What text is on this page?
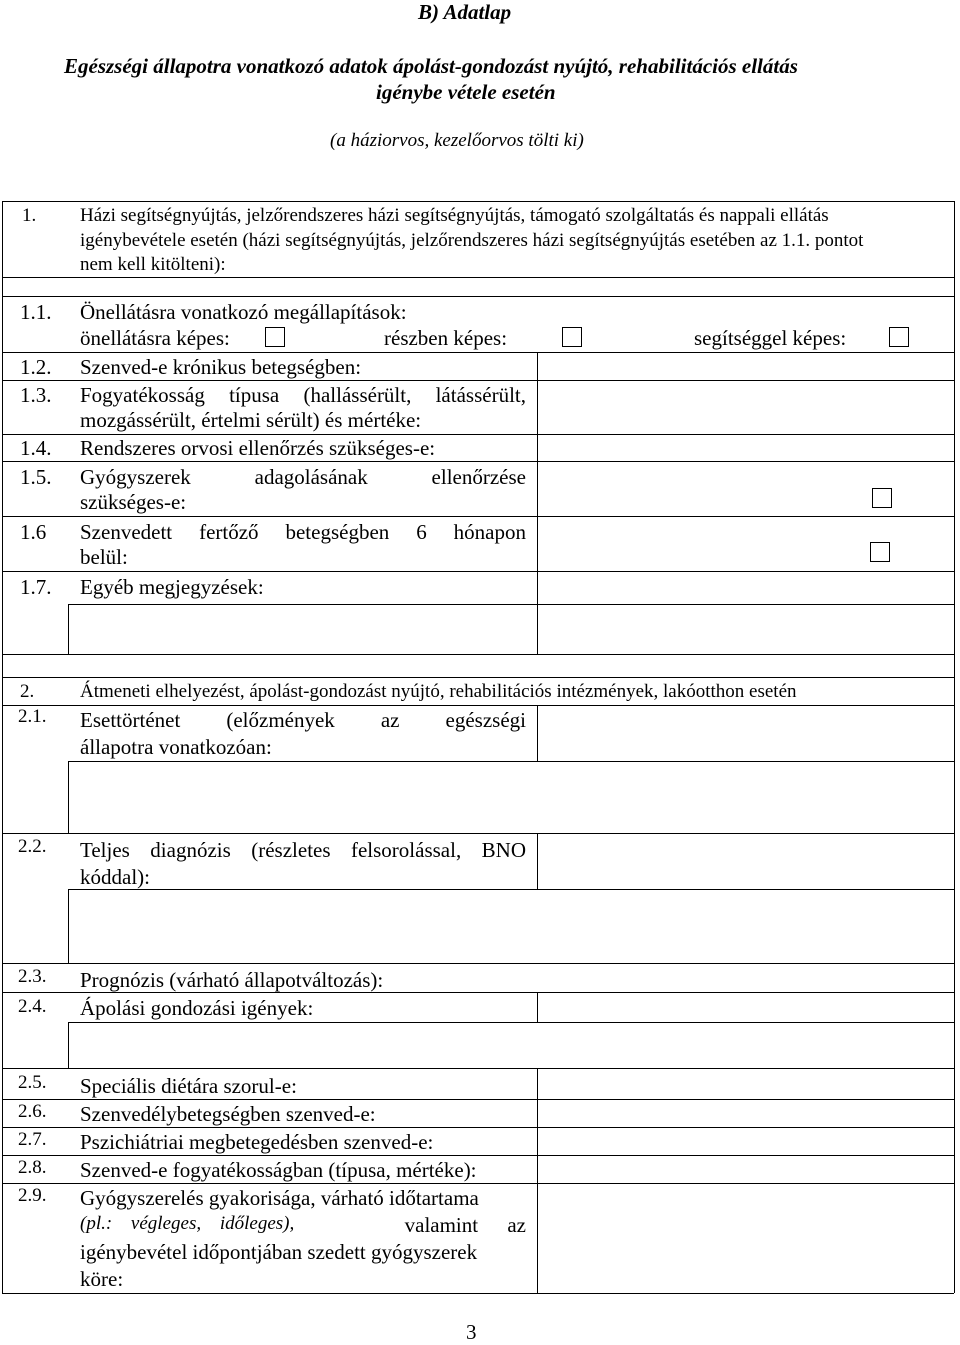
B) Adatlap
Egészségi állapotra vonatkozó adatok ápolást-gondozást nyújtó, rehabilitációs ellátás
igénybe vétele esetén
(a háziorvos, kezelőorvos tölti ki)
1. Házi segítségnyújtás, jelzőrendszeres házi segítségnyújtás, támogató szolgáltatás és nappali ellátás
igénybevétele esetén (házi segítségnyújtás, jelzőrendszeres házi segítségnyújtás esetében az 1.1. pontot
nem kell kitölteni):
1.1. Önellátásra vonatkozó megállapítások:
önellátásra képes:	részben képes:	segítséggel képes:
1.2. Szenved-e krónikus betegségben:
1.3. Fogyatékosság típusa (hallássérült, látássérült,
mozgássérült, értelmi sérült) és mértéke:
1.4. Rendszeres orvosi ellenőrzés szükséges-e:
1.5. Gyógyszerek adagolásának ellenőrzése
szükséges-e:
1.6 Szenvedett fertőző betegségben 6 hónapon
belül:
1.7. Egyéb megjegyzések:
2. Átmeneti elhelyezést, ápolást-gondozást nyújtó, rehabilitációs intézmények, lakóotthon esetén
2.1. Esettörténet (előzmények az egészségi
állapotra vonatkozóan:
2.2. Teljes diagnózis (részletes felsorolással, BNO
kóddal):
2.3. Prognózis (várható állapotváltozás):
2.4. Ápolási gondozási igények:
2.5. Speciális diétára szorul-e:
2.6. Szenvedélybetegségben szenved-e:
2.7. Pszichiátriai megbetegedésben szenved-e:
2.8. Szenved-e fogyatékosságban (típusa, mértéke):
2.9. Gyógyszerelés gyakorisága, várható időtartama
(pl.: végleges, időleges),	valamint az
igénybevétel időpontjában szedett gyógyszerek
köre:
3
